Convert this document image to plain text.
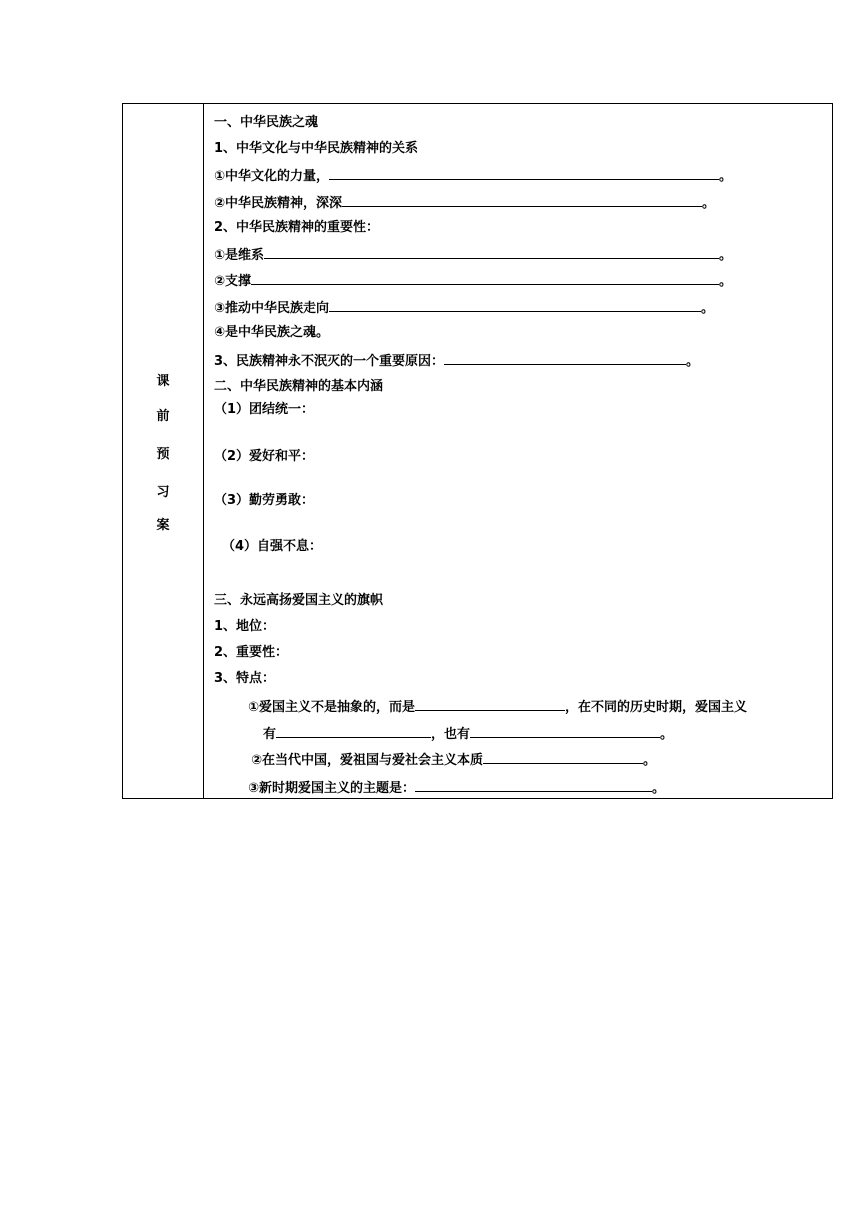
课
前
预
习
案
一、中华民族之魂
1、中华文化与中华民族精神的关系
①中华文化的力量，	。
②中华民族精神，深深	。
2、中华民族精神的重要性：
①是维系	。
②支撑	。
③推动中华民族走向	。
④是中华民族之魂。
3、民族精神永不泯灭的一个重要原因：	。
二、中华民族精神的基本内涵
（1）团结统一：
（2）爱好和平：
（3）勤劳勇敢：
（4）自强不息：
三、永远高扬爱国主义的旗帜
1、地位：
2、重要性：
3、特点：
①爱国主义不是抽象的，而是	，在不同的历史时期，爱国主义
有	，也有	。
②在当代中国，爱祖国与爱社会主义本质	。
③新时期爱国主义的主题是：	。
